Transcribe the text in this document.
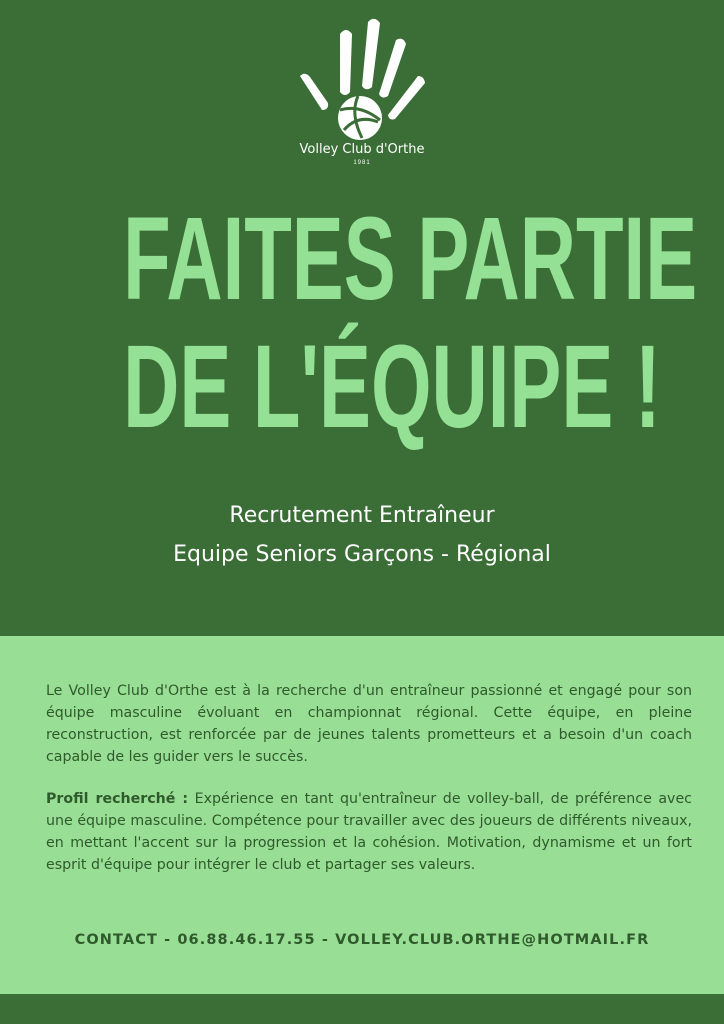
Volley Club d'Orthe
1981
FAITES PARTIE
DE L'ÉQUIPE !
Recrutement Entraîneur
Equipe Seniors Garçons - Régional
Le Volley Club d'Orthe est à la recherche d'un entraîneur passionné et engagé pour son équipe masculine évoluant en championnat régional. Cette équipe, en pleine reconstruction, est renforcée par de jeunes talents prometteurs et a besoin d'un coach capable de les guider vers le succès.
Profil recherché : Expérience en tant qu'entraîneur de volley-ball, de préférence avec une équipe masculine. Compétence pour travailler avec des joueurs de différents niveaux, en mettant l'accent sur la progression et la cohésion. Motivation, dynamisme et un fort esprit d'équipe pour intégrer le club et partager ses valeurs.
CONTACT - 06.88.46.17.55 - VOLLEY.CLUB.ORTHE@HOTMAIL.FR
